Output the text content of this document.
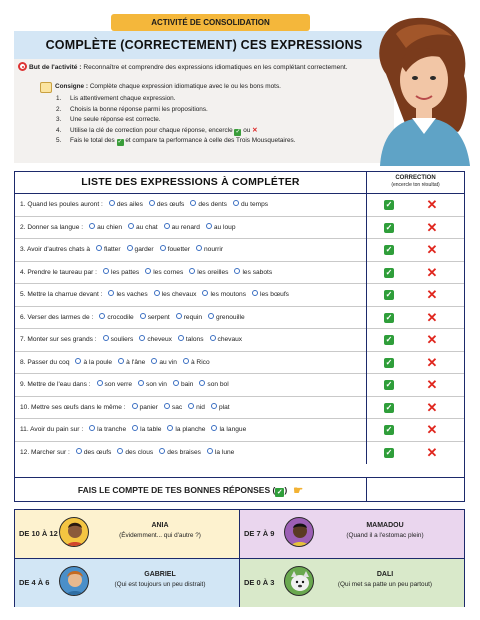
ACTIVITÉ DE CONSOLIDATION
COMPLÈTE (CORRECTEMENT) CES EXPRESSIONS
But de l'activité : Reconnaître et comprendre des expressions idiomatiques en les complétant correctement.
Consigne : Complète chaque expression idiomatique avec le ou les bons mots.
1.	Lis attentivement chaque expression.
2.	Choisis la bonne réponse parmi les propositions.
3.	Une seule réponse est correcte.
4.	Utilise la clé de correction pour chaque réponse, encercle ✓ ou ✕
5.	Fais le total des ✓ et compare ta performance à celle des Trois Mousquetaires.
LISTE DES EXPRESSIONS À COMPLÉTER	CORRECTION
(encercle ton résultat)
1. Quand les poules auront : des ailes des œufs des dents du temps	✓	✕
2. Donner sa langue : au chien au chat au renard au loup	✓	✕
3. Avoir d'autres chats à flatter garder fouetter nourrir	✓	✕
4. Prendre le taureau par : les pattes les cornes les oreilles les sabots	✓	✕
5. Mettre la charrue devant : les vaches les chevaux les moutons les bœufs	✓	✕
6. Verser des larmes de : crocodile serpent requin grenouille	✓	✕
7. Monter sur ses grands : souliers cheveux talons chevaux	✓	✕
8. Passer du coq à la poule à l'âne au vin à Rico	✓	✕
9. Mettre de l'eau dans : son verre son vin bain son bol	✓	✕
10. Mettre ses œufs dans le même : panier sac nid plat	✓	✕
11. Avoir du pain sur : la tranche la table la planche la langue	✓	✕
12. Marcher sur : des œufs des clous des braises la lune	✓	✕
FAIS LE COMPTE DE TES BONNES RÉPONSES ( ✓ ) ☛
DE 10 À 12
ANIA
(Évidemment... qui d'autre ?)	DE 7 À 9
MAMADOU
(Quand il a l'estomac plein)
DE 4 À 6
GABRIEL
(Qui est toujours un peu distrait)	DE 0 À 3
DALI
(Qui met sa patte un peu partout)
